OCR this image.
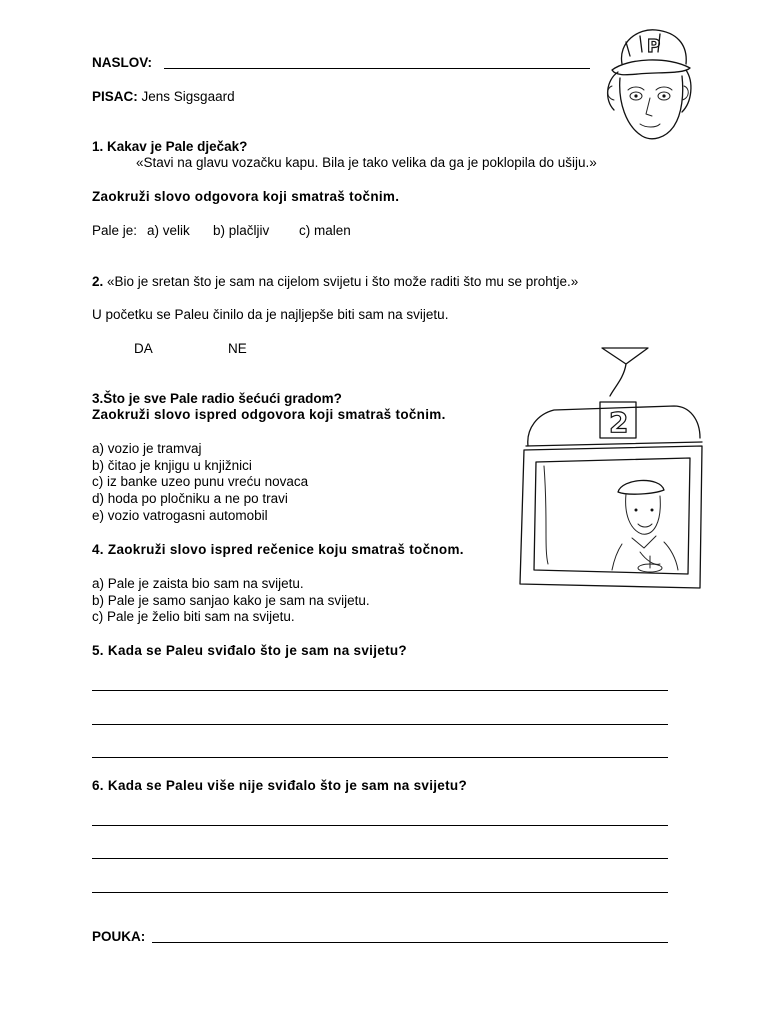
NASLOV:
PISAC: Jens Sigsgaard
1. Kakav je Pale dječak?
«Stavi na glavu vozačku kapu. Bila je tako velika da ga je poklopila do ušiju.»
Zaokruži slovo odgovora koji smatraš točnim.
Pale je: a) velik b) plačljiv c) malen
2. «Bio je sretan što je sam na cijelom svijetu i što može raditi što mu se prohtje.»
U početku se Paleu činilo da je najljepše biti sam na svijetu.
DA	NE
3.Što je sve Pale radio šećući gradom?
Zaokruži slovo ispred odgovora koji smatraš točnim.
a) vozio je tramvaj
b) čitao je knjigu u knjižnici
c) iz banke uzeo punu vreću novaca
d) hoda po pločniku a ne po travi
e) vozio vatrogasni automobil
4. Zaokruži slovo ispred rečenice koju smatraš točnom.
a) Pale je zaista bio sam na svijetu.
b) Pale je samo sanjao kako je sam na svijetu.
c) Pale je želio biti sam na svijetu.
5. Kada se Paleu sviđalo što je sam na svijetu?
6. Kada se Paleu više nije sviđalo što je sam na svijetu?
POUKA:
P
2
